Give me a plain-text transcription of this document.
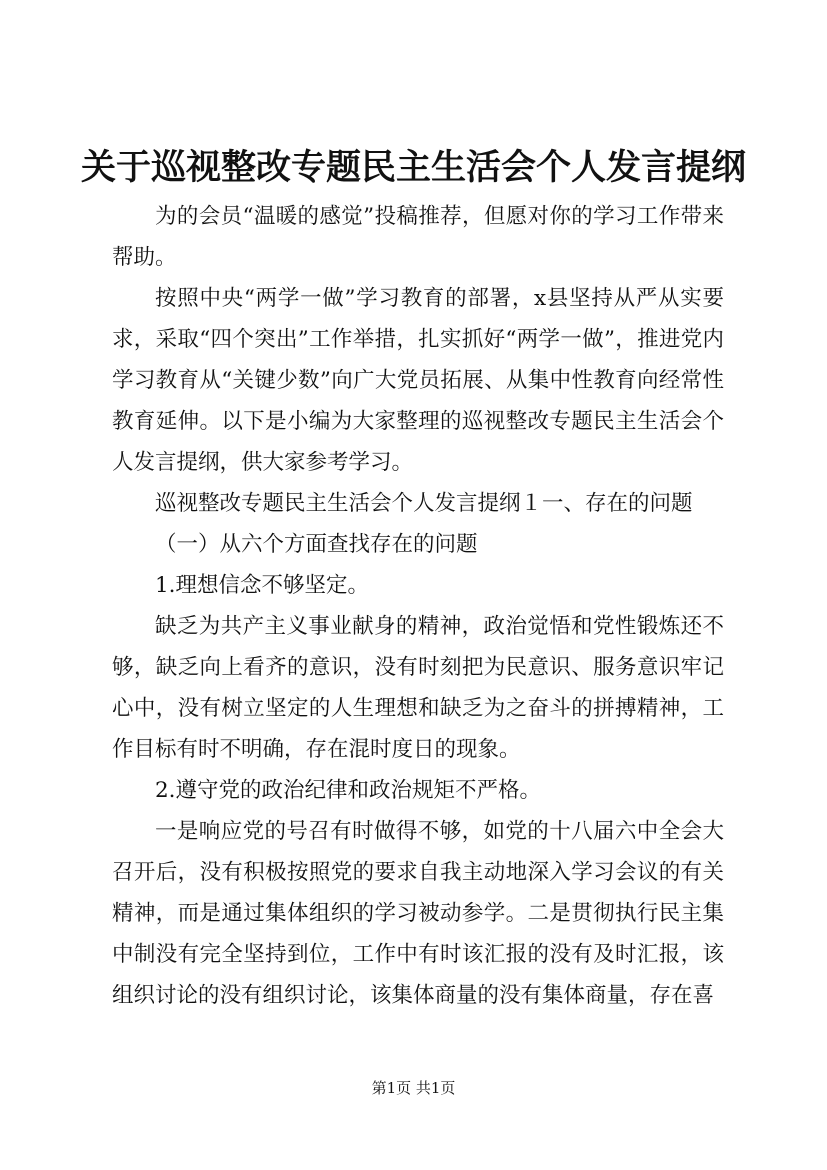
关于巡视整改专题民主生活会个人发言提纲

为的会员“温暖的感觉”投稿推荐，但愿对你的学习工作带来帮助。

按照中央“两学一做”学习教育的部署，x县坚持从严从实要求，采取“四个突出”工作举措，扎实抓好“两学一做”，推进党内学习教育从“关键少数”向广大党员拓展、从集中性教育向经常性教育延伸。以下是小编为大家整理的巡视整改专题民主生活会个人发言提纲，供大家参考学习。

巡视整改专题民主生活会个人发言提纲１一、存在的问题

（一）从六个方面查找存在的问题

1.理想信念不够坚定。

缺乏为共产主义事业献身的精神，政治觉悟和党性锻炼还不够，缺乏向上看齐的意识，没有时刻把为民意识、服务意识牢记心中，没有树立坚定的人生理想和缺乏为之奋斗的拼搏精神，工作目标有时不明确，存在混时度日的现象。

2.遵守党的政治纪律和政治规矩不严格。

一是响应党的号召有时做得不够，如党的十八届六中全会大召开后，没有积极按照党的要求自我主动地深入学习会议的有关精神，而是通过集体组织的学习被动参学。二是贯彻执行民主集中制没有完全坚持到位，工作中有时该汇报的没有及时汇报，该组织讨论的没有组织讨论，该集体商量的没有集体商量，存在喜

第1页 共1页
